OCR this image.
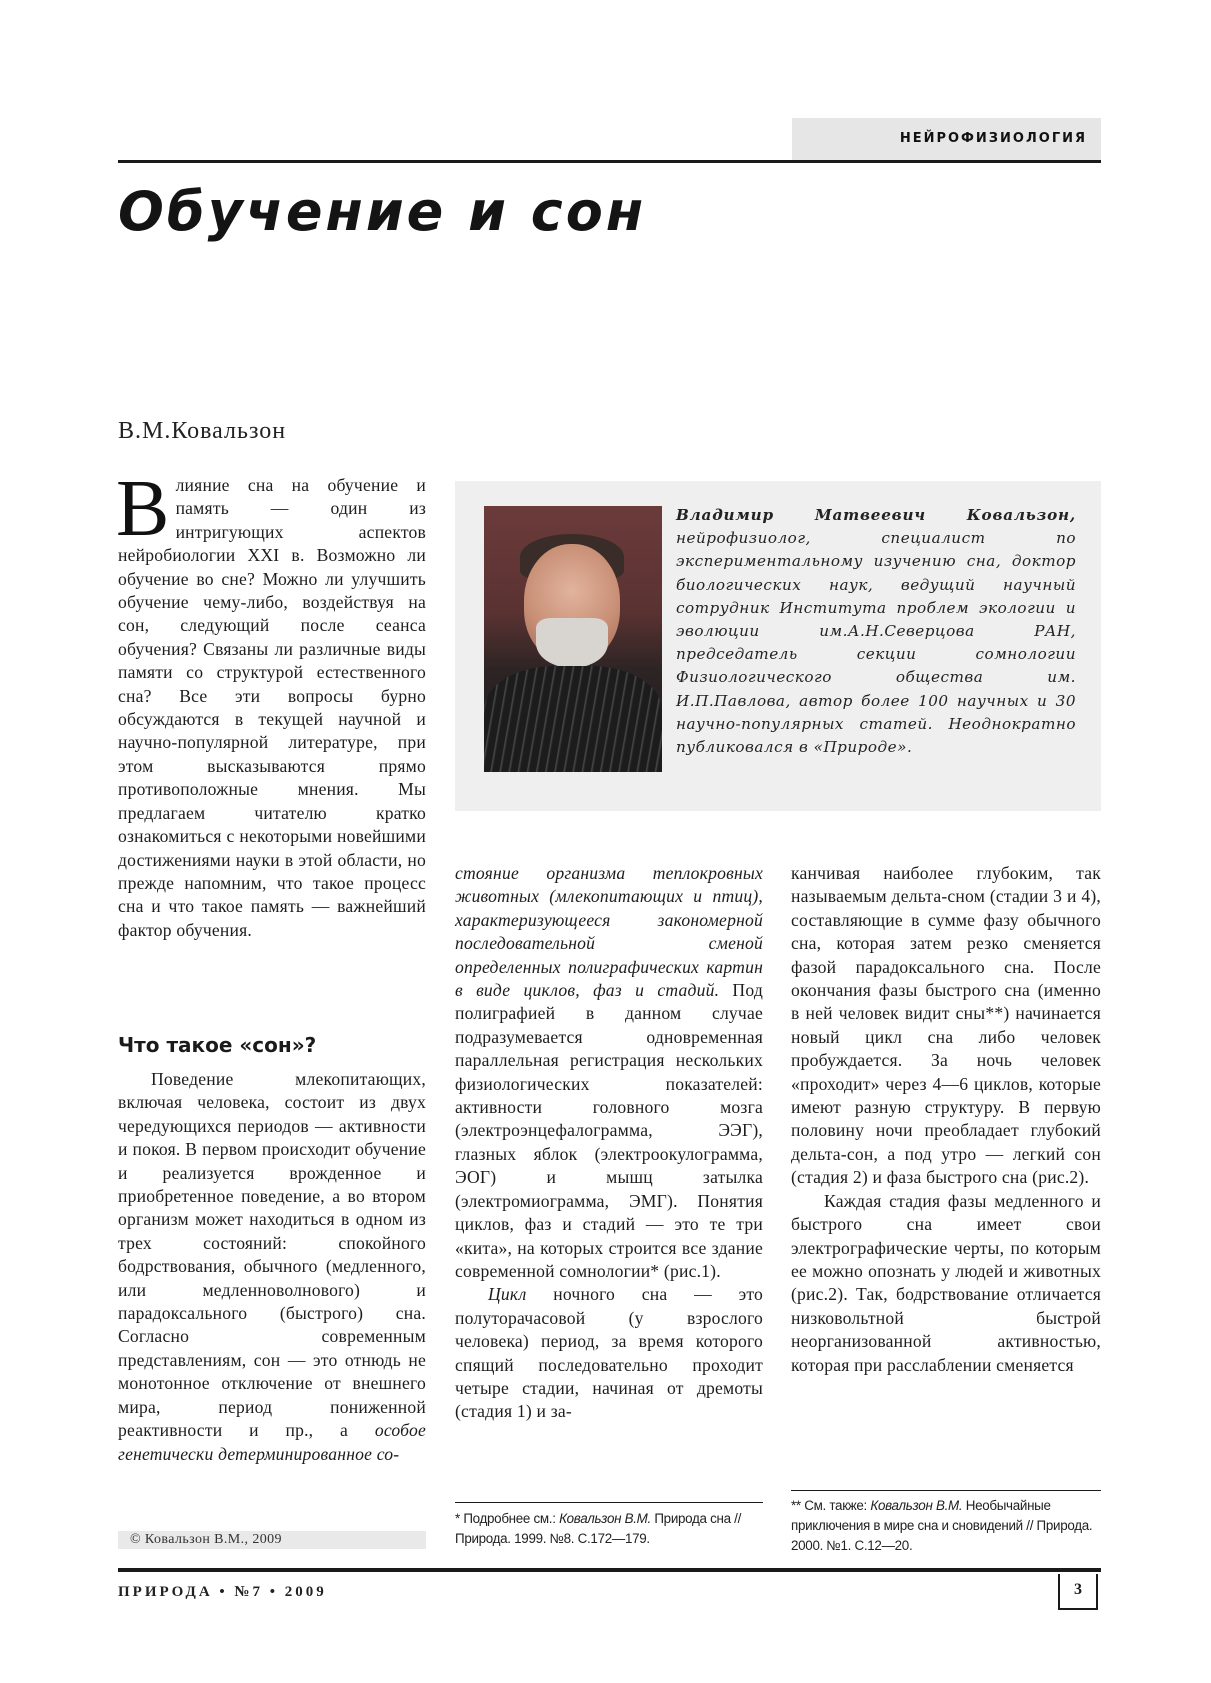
НЕЙРОФИЗИОЛОГИЯ
Обучение и сон
В.М.Ковальзон
В лияние сна на обучение и память — один из интригующих аспектов нейробиологии XXI в. Возможно ли обучение во сне? Можно ли улучшить обучение чему-либо, воздействуя на сон, следующий после сеанса обучения? Связаны ли различные виды памяти со структурой естественного сна? Все эти вопросы бурно обсуждаются в текущей научной и научно-популярной литературе, при этом высказываются прямо противоположные мнения. Мы предлагаем читателю кратко ознакомиться с некоторыми новейшими достижениями науки в этой области, но прежде напомним, что такое процесс сна и что такое память — важнейший фактор обучения.
Владимир Матвеевич Ковальзон, нейрофизиолог, специалист по экспериментальному изучению сна, доктор биологических наук, ведущий научный сотрудник Института проблем экологии и эволюции им.А.Н.Северцова РАН, председатель секции сомнологии Физиологического общества им. И.П.Павлова, автор более 100 научных и 30 научно-популярных статей. Неоднократно публиковался в «Природе».
Что такое «сон»?

Поведение млекопитающих, включая человека, состоит из двух чередующихся периодов — активности и покоя. В первом происходит обучение и реализуется врожденное и приобретенное поведение, а во втором организм может находиться в одном из трех состояний: спокойного бодрствования, обычного (медленного, или медленноволнового) и парадоксального (быстрого) сна. Согласно современным представлениям, сон — это отнюдь не монотонное отключение от внешнего мира, период пониженной реактивности и пр., а особое генетически детерминированное со-

стояние организма теплокровных животных (млекопитающих и птиц), характеризующееся закономерной последовательной сменой определенных полиграфических картин в виде циклов, фаз и стадий. Под полиграфией в данном случае подразумевается одновременная параллельная регистрация нескольких физиологических показателей: активности головного мозга (электроэнцефалограмма, ЭЭГ), глазных яблок (электроокулограмма, ЭОГ) и мышц затылка (электромиограмма, ЭМГ). Понятия циклов, фаз и стадий — это те три «кита», на которых строится все здание современной сомнологии* (рис.1).

Цикл ночного сна — это полуторачасовой (у взрослого человека) период, за время которого спящий последовательно проходит четыре стадии, начиная от дремоты (стадия 1) и за-

канчивая наиболее глубоким, так называемым дельта-сном (стадии 3 и 4), составляющие в сумме фазу обычного сна, которая затем резко сменяется фазой парадоксального сна. После окончания фазы быстрого сна (именно в ней человек видит сны**) начинается новый цикл сна либо человек пробуждается. За ночь человек «проходит» через 4—6 циклов, которые имеют разную структуру. В первую половину ночи преобладает глубокий дельта-сон, а под утро — легкий сон (стадия 2) и фаза быстрого сна (рис.2).

Каждая стадия фазы медленного и быстрого сна имеет свои электрографические черты, по которым ее можно опознать у людей и животных (рис.2). Так, бодрствование отличается низковольтной быстрой неорганизованной активностью, которая при расслаблении сменяется

* Подробнее см.: Ковальзон В.М. Природа сна // Природа. 1999. №8. С.172—179.
** См. также: Ковальзон В.М. Необычайные приключения в мире сна и сновидений // Природа. 2000. №1. С.12—20.
© Ковальзон В.М., 2009
ПРИРОДА • №7 • 2009	3
